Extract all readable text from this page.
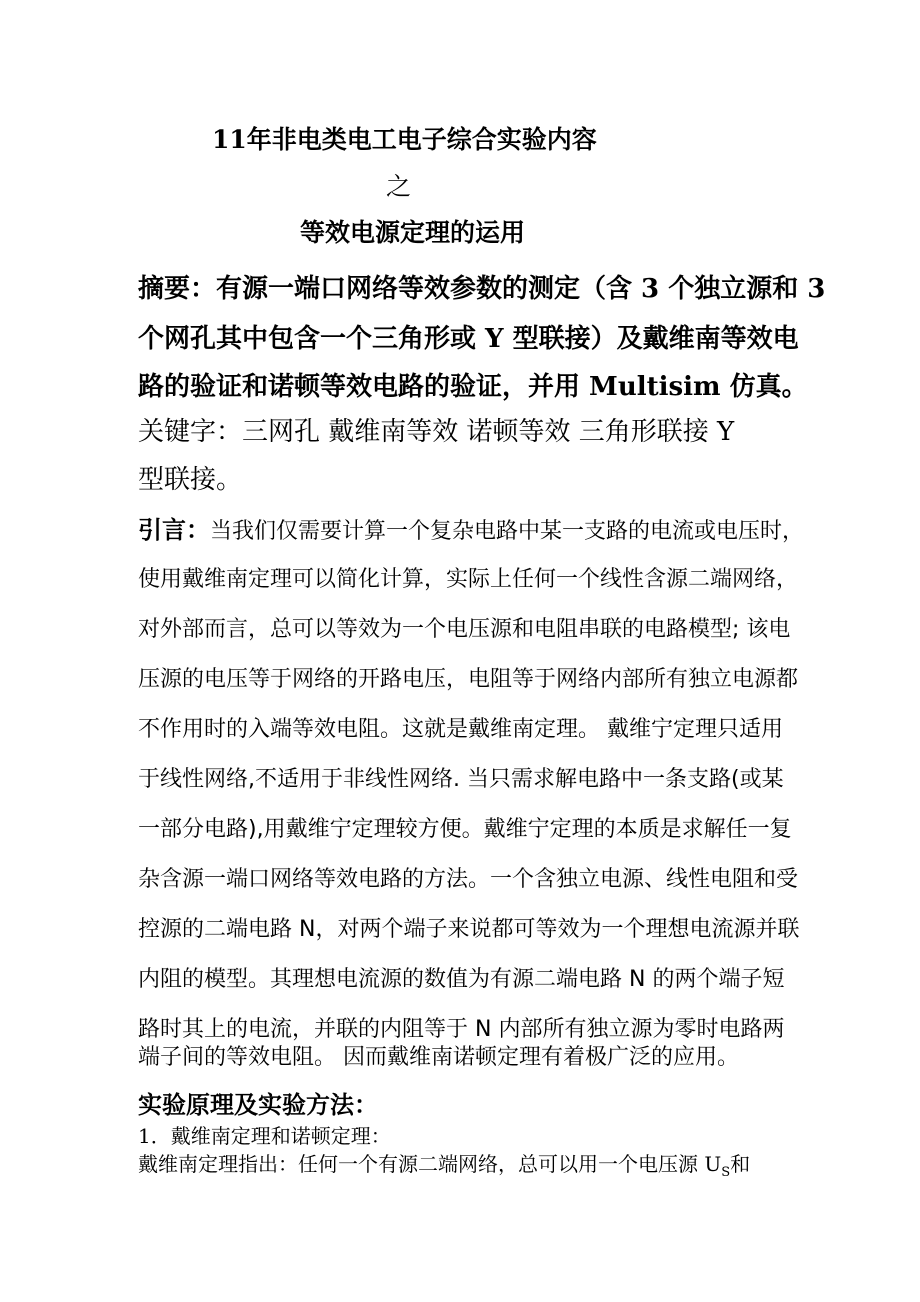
11年非电类电工电子综合实验内容
之
等效电源定理的运用
摘要：有源一端口网络等效参数的测定（含 3 个独立源和 3
个网孔其中包含一个三角形或 Y 型联接）及戴维南等效电
路的验证和诺顿等效电路的验证，并用 Multisim 仿真。
关键字：三网孔 戴维南等效 诺顿等效 三角形联接 Y
型联接。
引言：当我们仅需要计算一个复杂电路中某一支路的电流或电压时，
使用戴维南定理可以简化计算，实际上任何一个线性含源二端网络，
对外部而言，总可以等效为一个电压源和电阻串联的电路模型; 该电
压源的电压等于网络的开路电压，电阻等于网络内部所有独立电源都
不作用时的入端等效电阻。这就是戴维南定理。 戴维宁定理只适用
于线性网络,不适用于非线性网络. 当只需求解电路中一条支路(或某
一部分电路),用戴维宁定理较方便。戴维宁定理的本质是求解任一复
杂含源一端口网络等效电路的方法。一个含独立电源、线性电阻和受
控源的二端电路 N，对两个端子来说都可等效为一个理想电流源并联
内阻的模型。其理想电流源的数值为有源二端电路 N 的两个端子短
路时其上的电流，并联的内阻等于 N 内部所有独立源为零时电路两
端子间的等效电阻。 因而戴维南诺顿定理有着极广泛的应用。
实验原理及实验方法：
1．戴维南定理和诺顿定理：
戴维南定理指出：任何一个有源二端网络，总可以用一个电压源 $U_S$和
